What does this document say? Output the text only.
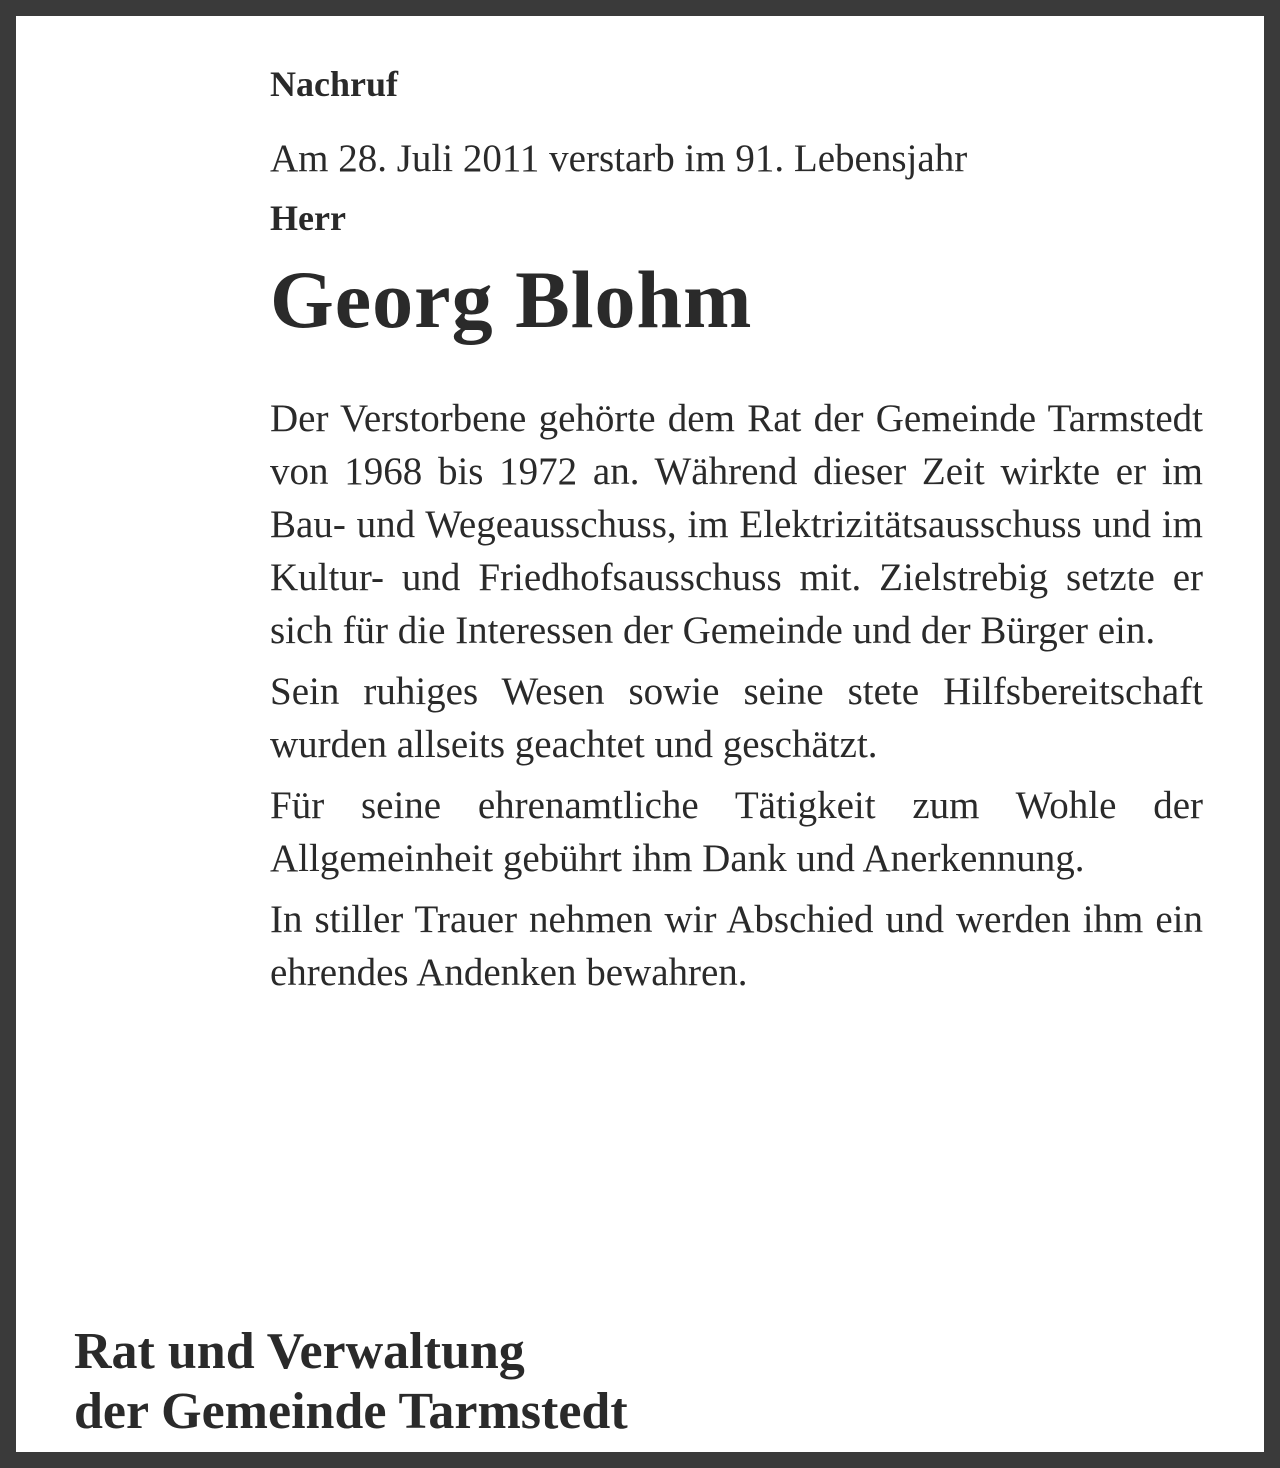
Nachruf
Am 28. Juli 2011 verstarb im 91. Lebensjahr
Herr
Georg Blohm

Der Verstorbene gehörte dem Rat der Gemeinde Tarmstedt von 1968 bis 1972 an. Während dieser Zeit wirkte er im Bau- und Wegeausschuss, im Elektrizitätsausschuss und im Kultur- und Friedhofsausschuss mit. Zielstrebig setzte er sich für die Interessen der Gemeinde und der Bürger ein.

Sein ruhiges Wesen sowie seine stete Hilfsbereitschaft wurden allseits geachtet und geschätzt.

Für seine ehrenamtliche Tätigkeit zum Wohle der Allgemeinheit gebührt ihm Dank und Anerkennung.

In stiller Trauer nehmen wir Abschied und werden ihm ein ehrendes Andenken bewahren.

Rat und Verwaltung
der Gemeinde Tarmstedt
